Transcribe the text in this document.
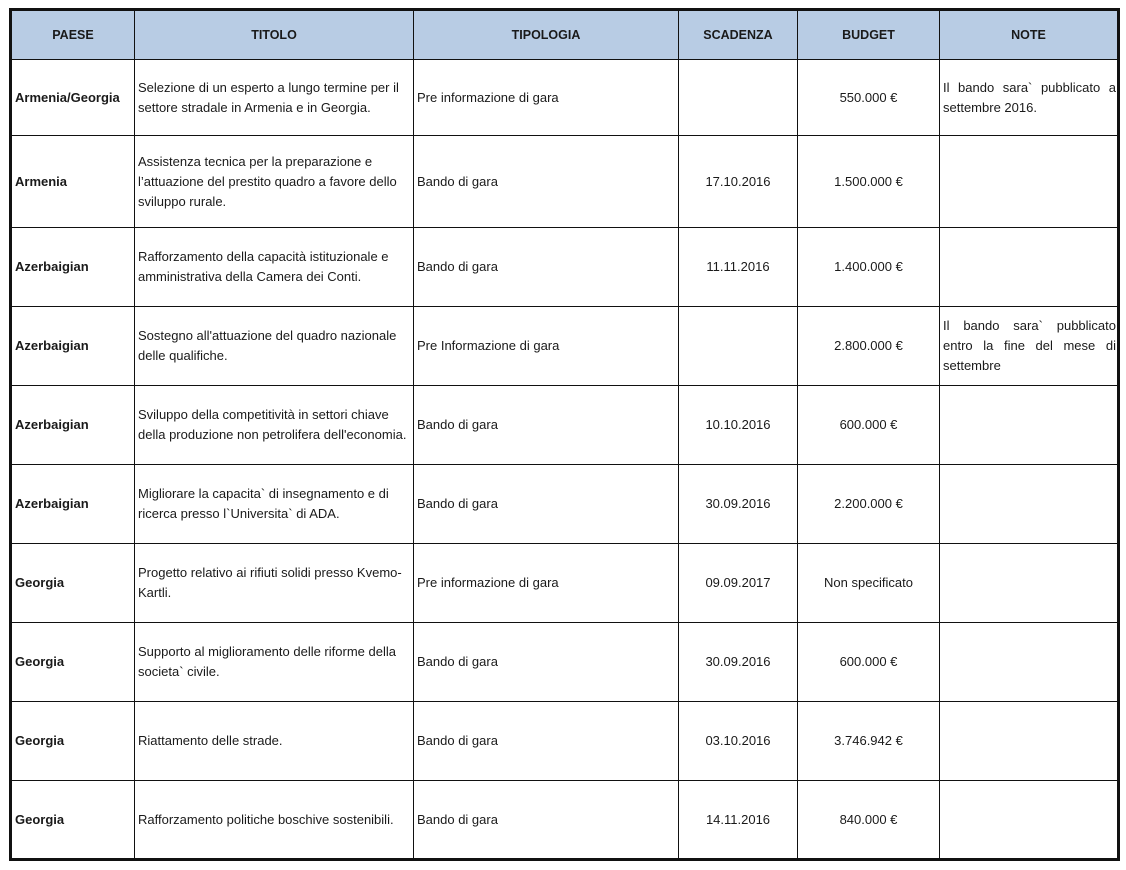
PAESE	TITOLO	TIPOLOGIA	SCADENZA	BUDGET	NOTE
Armenia/Georgia	Selezione di un esperto a lungo termine per il settore stradale in Armenia e in Georgia.	Pre informazione di gara		550.000 €	Il bando sara` pubblicato a settembre 2016.
Armenia	Assistenza tecnica per la preparazione e l’attuazione del prestito quadro a favore dello sviluppo rurale.	Bando di gara	17.10.2016	1.500.000 €	
Azerbaigian	Rafforzamento della capacità istituzionale e amministrativa della Camera dei Conti.	Bando di gara	11.11.2016	1.400.000 €	
Azerbaigian	Sostegno all'attuazione del quadro nazionale delle qualifiche.	Pre Informazione di gara		2.800.000 €	Il bando sara` pubblicato entro la fine del mese di settembre
Azerbaigian	Sviluppo della competitività in settori chiave della produzione non petrolifera dell'economia.	Bando di gara	10.10.2016	600.000 €	
Azerbaigian	Migliorare la capacita` di insegnamento e di ricerca presso l`Universita` di ADA.	Bando di gara	30.09.2016	2.200.000 €	
Georgia	Progetto relativo ai rifiuti solidi presso Kvemo-Kartli.	Pre informazione di gara	09.09.2017	Non specificato	
Georgia	Supporto al miglioramento delle riforme della societa` civile.	Bando di gara	30.09.2016	600.000 €	
Georgia	Riattamento delle strade.	Bando di gara	03.10.2016	3.746.942 €	
Georgia	Rafforzamento politiche boschive sostenibili.	Bando di gara	14.11.2016	840.000 €	
